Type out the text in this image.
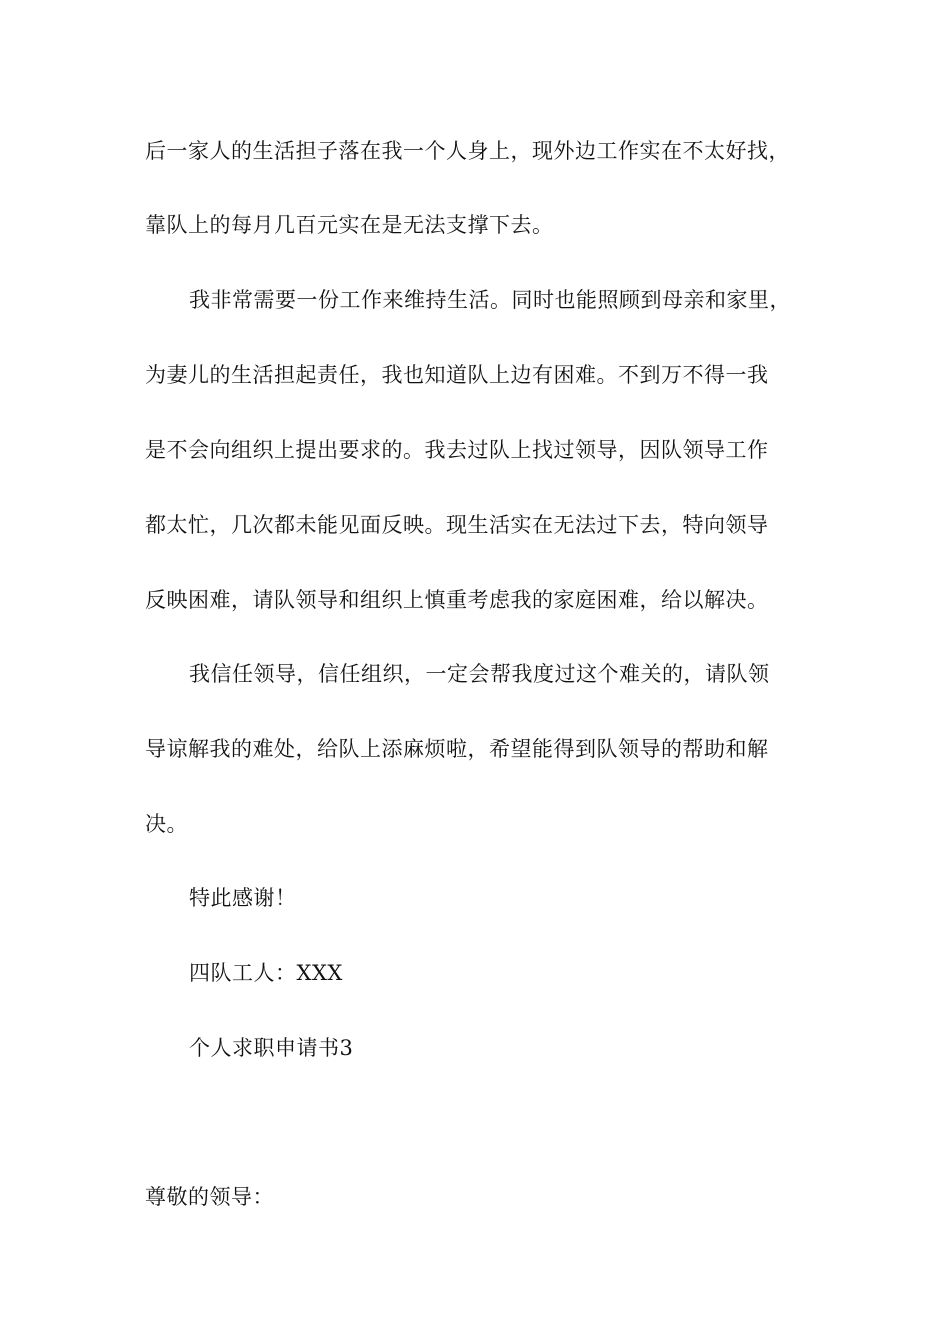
后一家人的生活担子落在我一个人身上，现外边工作实在不太好找，

靠队上的每月几百元实在是无法支撑下去。

我非常需要一份工作来维持生活。同时也能照顾到母亲和家里，

为妻儿的生活担起责任，我也知道队上边有困难。不到万不得一我

是不会向组织上提出要求的。我去过队上找过领导，因队领导工作

都太忙，几次都未能见面反映。现生活实在无法过下去，特向领导

反映困难，请队领导和组织上慎重考虑我的家庭困难，给以解决。

我信任领导，信任组织，一定会帮我度过这个难关的，请队领

导谅解我的难处，给队上添麻烦啦，希望能得到队领导的帮助和解

决。

特此感谢！

四队工人：XXX

个人求职申请书3

尊敬的领导：
